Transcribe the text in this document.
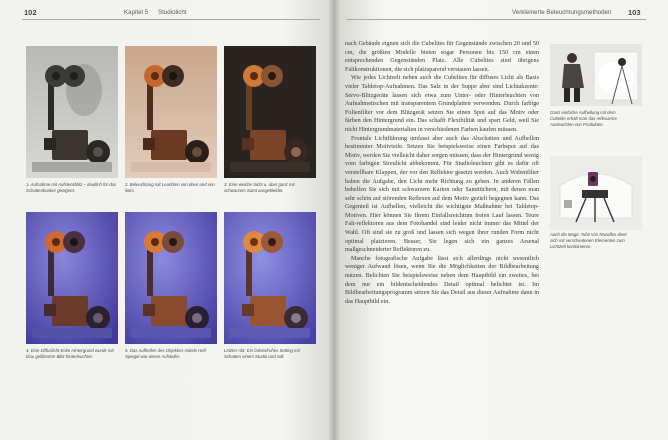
102	Kapitel 5 Studiolicht
1. Aufnahme mit Aufsteckblitz – deutlich für das Schattenbunker geeignet.
2. Beleuchtung mit Leuchten von oben und von links.
3. Eine weiche Sicht u. aber ganz mit schwarzem Samt ausgekleidet.
4. Eine Diffuslicht-Ecke Hintergrund wurde mit blau gefiltertem Blitz hinterleuchtet.
5. Das Aufhellen des Objektivs mittels Hell-Spiegel war einem Aufsteller.
Letzter Akt: Ein farbenfrohes Setting mit Schatten einem Studio und voll.
Verkleinerte Beleuchtungsmethoden 103

nach Gebäude eignen sich die Cubelites für Gegenstände zwischen 20 und 50 cm, die größten Modelle bieten sogar Personen bis 150 cm einen entsprechenden Gegenständen Platz. Alle Cubelites sind übrigens Faltkonstruktionen, die sich platzsparend verstauen lassen.

Wie jedes Lichtzelt neben auch die Cubelites für diffuses Licht als Basis vieler Tabletop-Aufnahmen. Das Salz in der Suppe aber sind Lichtakzente: Servo-Blitzgeräte lassen sich etwa zum Unter- oder Hinterleuchten von Aufnahmetischen mit transparentem Grundplatten verwenden. Durch farbige Folienfilter vor dem Blitzgerät setzen Sie einen Spot auf das Motiv oder färben den Hintergrund ein. Das schafft Flexibilität und spart Geld, weil Sie nicht Hintergrundmaterialien in verschiedenen Farben kaufen müssen.

Frontale Lichtführung umfasst aber auch das Abschatten und Aufhellen bestimmter Motivteile. Setzen Sie beispielsweise einen Farbspot auf das Motiv, werden Sie vielleicht daher sorgen müssen, dass der Hintergrund wenig vom farbigen Streulicht abbekommt. Für Studioleuchten gibt es dafür oft verstellbare Klappen, der vor den Reflektor gesetzt werden. Auch Wabenfilter haben die Aufgabe, den Licht mehr Richtung zu geben. In anderen Fällen behelfen Sie sich mit schwarzem Karton oder Samttüchern, mit denen man sehr schön auf störenden Reflexen auf dem Motiv gezielt begegnen kann. Das Gegenteil ist Aufhellen, vielleicht die wichtigste Maßnahme bei Tabletop-Motiven. Hier können Sie Ihrem Einfallsreichtum freien Lauf lassen. Teure Falt-reflektoren aus dem Fotohandel sind leider nicht immer das Mittel der Wahl. Oft sind sie zu groß und lassen sich wegen ihrer runden Form nicht optimal platzieren. Besser, Sie legen sich ein ganzes Arsenal maßgeschneiderter Reflektoren zu.

Manche fotografische Aufgabe lässt sich allerdings nicht wesentlich weniger Aufwand lösen, wenn Sie die Möglichkeiten der Bildbearbeitung nutzen. Belichten Sie beispielsweise neben dem Hauptbild ein zweites, bei dem nur ein bildentscheidendes Detail optimal belichtet ist. Im Bildbearbeitungsprogramm setzen Sie das Detail aus dieser Aufnahme dann in das Hauptbild ein.

Ganz einfache Aufhellung mit dem Cubelite erhält man das reflexarme Ausleuchten von Produkten.
Auch die Magic Tube von Novoflex dient sich mit verschiedenen Elementen zum Lichtzelt kombinieren.
